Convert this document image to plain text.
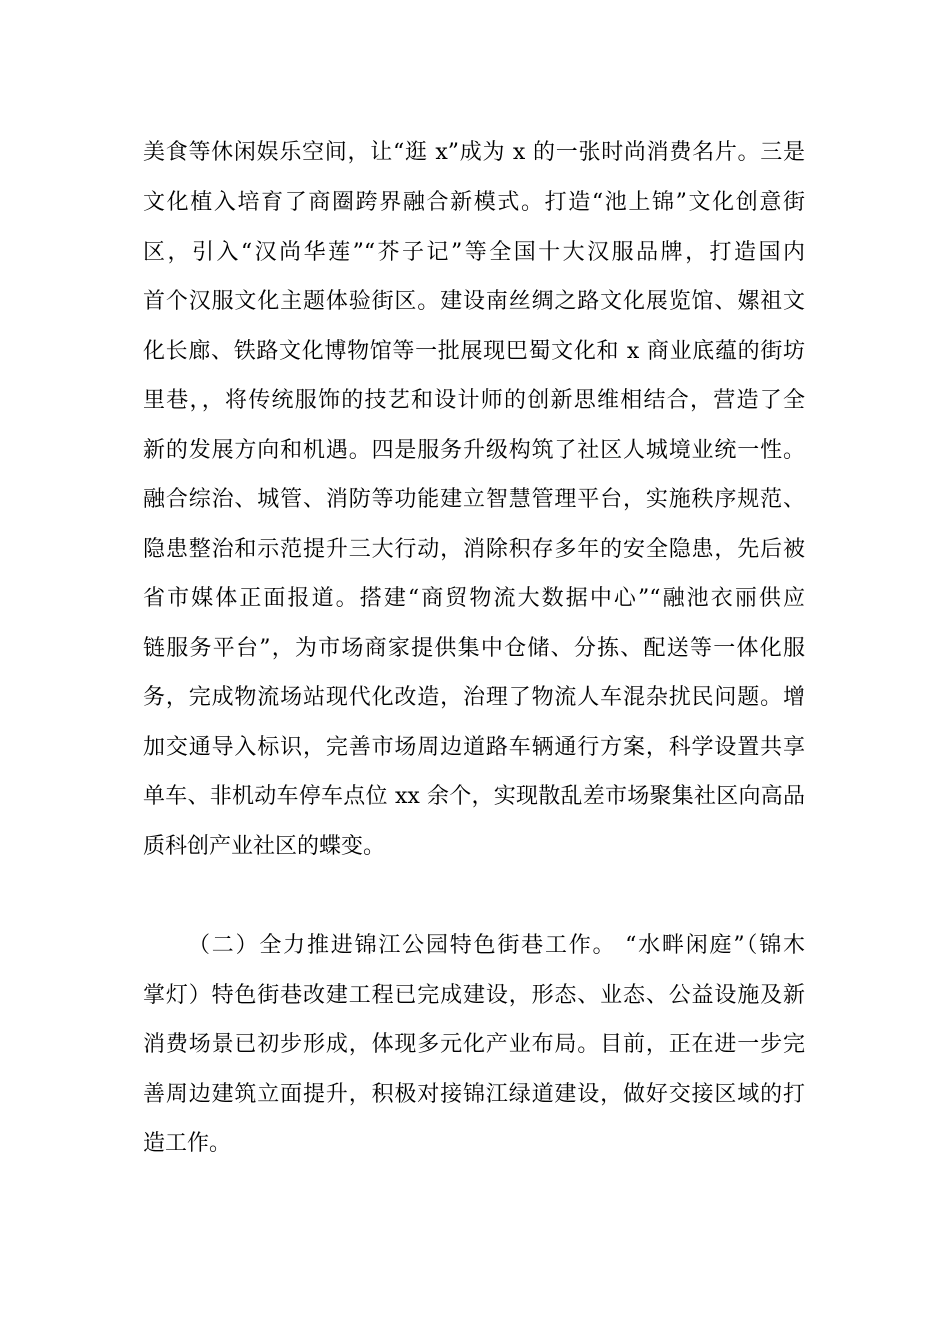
美食等休闲娱乐空间，让“逛 x”成为 x 的一张时尚消费名片。三是
文化植入培育了商圈跨界融合新模式。打造“池上锦”文化创意街
区，引入“汉尚华莲”“芥子记”等全国十大汉服品牌，打造国内
首个汉服文化主题体验街区。建设南丝绸之路文化展览馆、嫘祖文
化长廊、铁路文化博物馆等一批展现巴蜀文化和 x 商业底蕴的街坊
里巷，，将传统服饰的技艺和设计师的创新思维相结合，营造了全
新的发展方向和机遇。四是服务升级构筑了社区人城境业统一性。
融合综治、城管、消防等功能建立智慧管理平台，实施秩序规范、
隐患整治和示范提升三大行动，消除积存多年的安全隐患，先后被
省市媒体正面报道。搭建“商贸物流大数据中心”“融池衣丽供应
链服务平台”，为市场商家提供集中仓储、分拣、配送等一体化服
务，完成物流场站现代化改造，治理了物流人车混杂扰民问题。增
加交通导入标识，完善市场周边道路车辆通行方案，科学设置共享
单车、非机动车停车点位 xx 余个，实现散乱差市场聚集社区向高品
质科创产业社区的蝶变。
（二）全力推进锦江公园特色街巷工作。 “水畔闲庭”（锦木
掌灯）特色街巷改建工程已完成建设，形态、业态、公益设施及新
消费场景已初步形成，体现多元化产业布局。目前，正在进一步完
善周边建筑立面提升，积极对接锦江绿道建设，做好交接区域的打
造工作。
